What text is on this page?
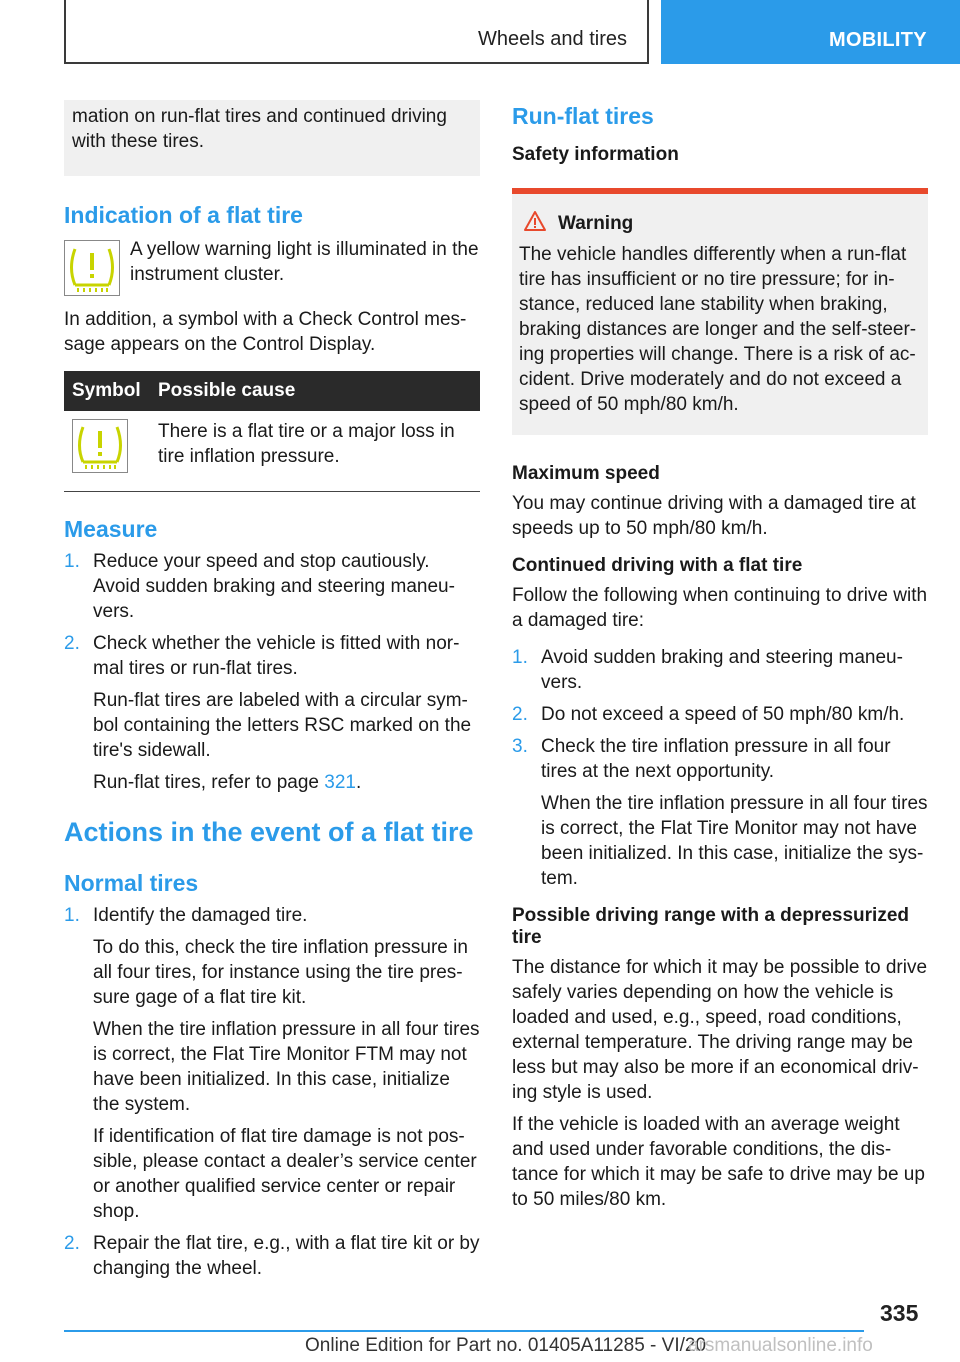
Wheels and tires	MOBILITY

mation on run-flat tires and continued driving with these tires.

Indication of a flat tire

A yellow warning light is illuminated in the instrument cluster.

In addition, a symbol with a Check Control mes- sage appears on the Control Display.

Symbol	Possible cause

	There is a flat tire or a major loss in tire inflation pressure.
Measure
1. Reduce your speed and stop cautiously. Avoid sudden braking and steering maneu- vers.
2. Check whether the vehicle is fitted with nor- mal tires or run-flat tires.
Run-flat tires are labeled with a circular sym- bol containing the letters RSC marked on the tire's sidewall.
Run-flat tires, refer to page 321.
Actions in the event of a flat tire
Normal tires
1. Identify the damaged tire.
To do this, check the tire inflation pressure in all four tires, for instance using the tire pres- sure gage of a flat tire kit.
When the tire inflation pressure in all four tires is correct, the Flat Tire Monitor FTM may not have been initialized. In this case, initialize the system.
If identification of flat tire damage is not pos- sible, please contact a dealer’s service center or another qualified service center or repair shop.
2. Repair the flat tire, e.g., with a flat tire kit or by changing the wheel.
Run-flat tires
Safety information
Warning

The vehicle handles differently when a run-flat tire has insufficient or no tire pressure; for in- stance, reduced lane stability when braking, braking distances are longer and the self-steer- ing properties will change. There is a risk of ac- cident. Drive moderately and do not exceed a speed of 50 mph/80 km/h.

Maximum speed

You may continue driving with a damaged tire at speeds up to 50 mph/80 km/h.

Continued driving with a flat tire

Follow the following when continuing to drive with a damaged tire:

1. Avoid sudden braking and steering maneu- vers.
2. Do not exceed a speed of 50 mph/80 km/h.
3. Check the tire inflation pressure in all four tires at the next opportunity.
When the tire inflation pressure in all four tires is correct, the Flat Tire Monitor may not have been initialized. In this case, initialize the sys- tem.
Possible driving range with a depressurized tire

The distance for which it may be possible to drive safely varies depending on how the vehicle is loaded and used, e.g., speed, road conditions, external temperature. The driving range may be less but may also be more if an economical driv- ing style is used.

If the vehicle is loaded with an average weight and used under favorable conditions, the dis- tance for which it may be safe to drive may be up to 50 miles/80 km.

335
Online Edition for Part no. 01405A11285 - VI/20
arsmanualsonline.info
